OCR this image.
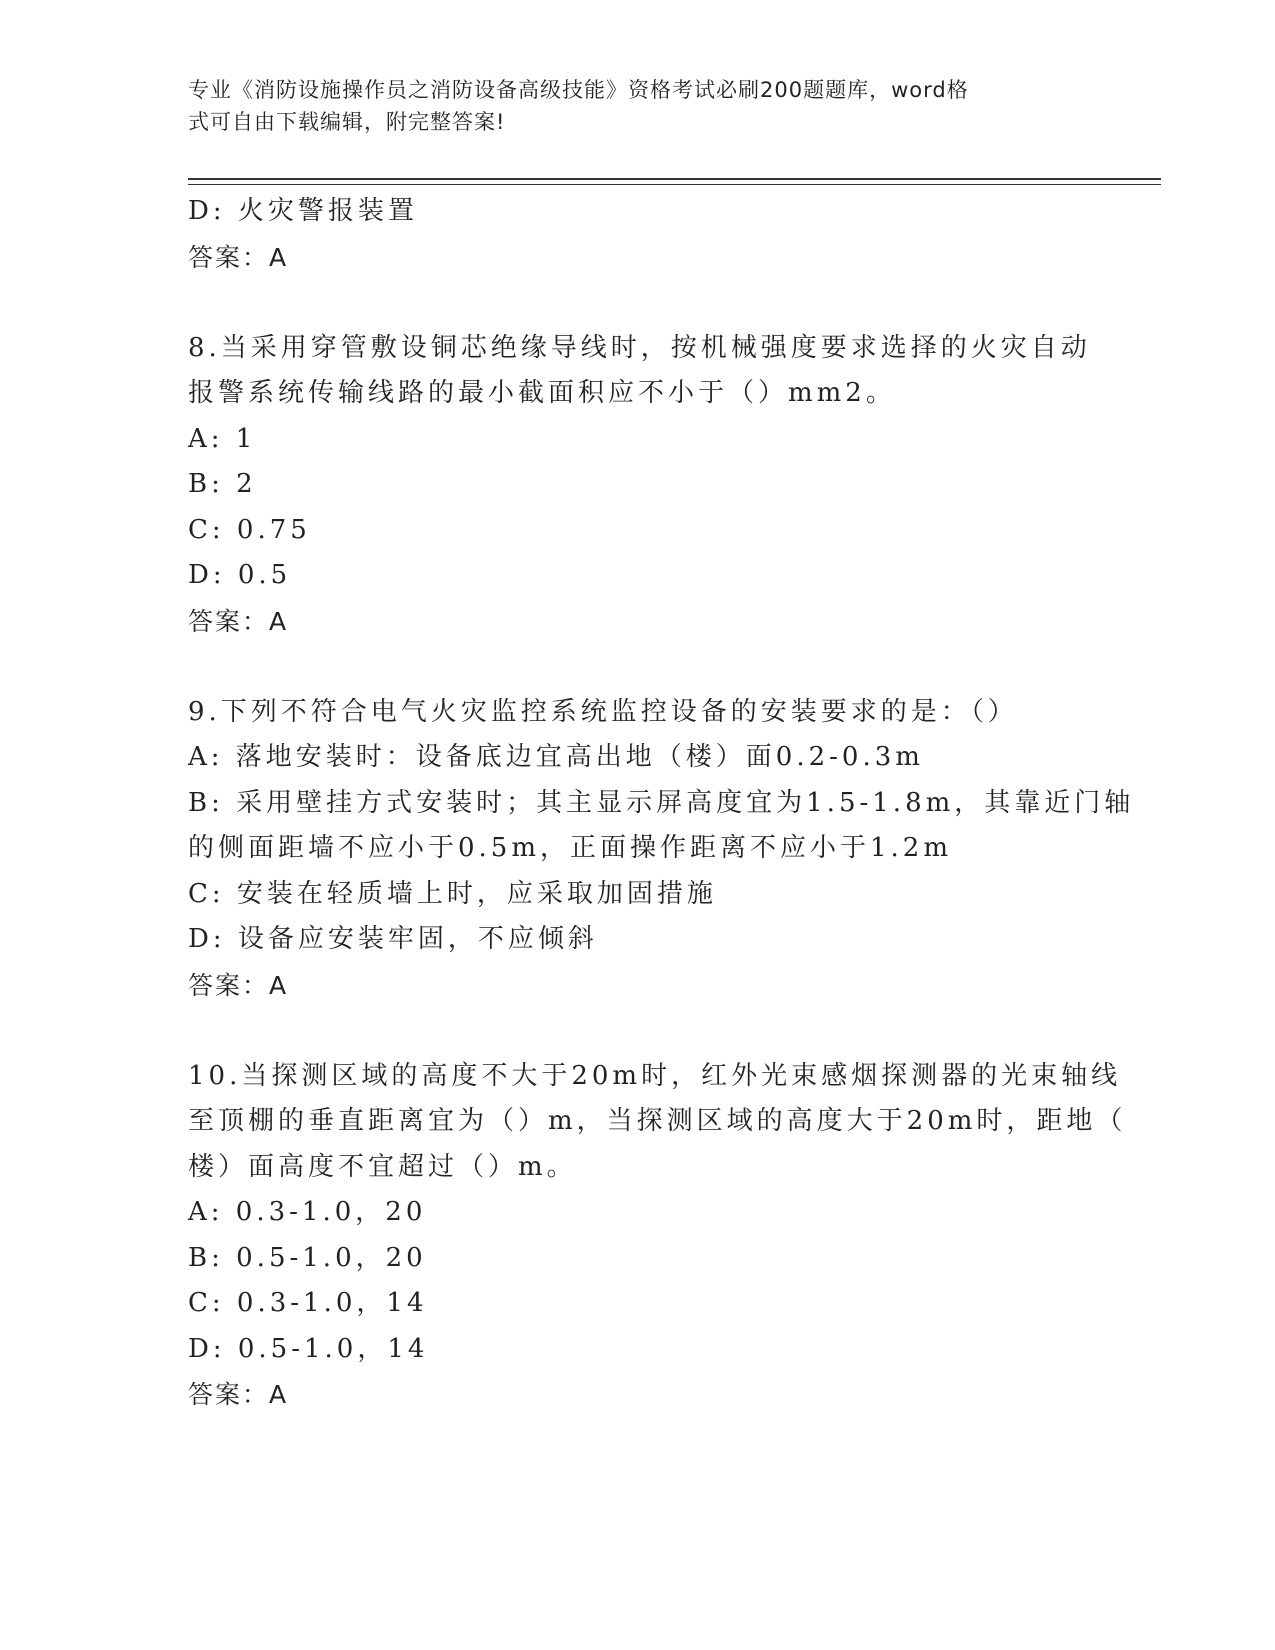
专业《消防设施操作员之消防设备高级技能》资格考试必刷200题题库，word格
式可自由下载编辑，附完整答案!
D: 火灾警报装置
答案：A
8.当采用穿管敷设铜芯绝缘导线时，按机械强度要求选择的火灾自动
报警系统传输线路的最小截面积应不小于（）mm2。
A: 1
B: 2
C: 0.75
D: 0.5
答案：A
9.下列不符合电气火灾监控系统监控设备的安装要求的是：（）
A: 落地安装时：设备底边宜高出地（楼）面0.2-0.3m
B: 采用壁挂方式安装时；其主显示屏高度宜为1.5-1.8m，其靠近门轴
的侧面距墙不应小于0.5m，正面操作距离不应小于1.2m
C: 安装在轻质墙上时，应采取加固措施
D: 设备应安装牢固，不应倾斜
答案：A
10.当探测区域的高度不大于20m时，红外光束感烟探测器的光束轴线
至顶棚的垂直距离宜为（）m，当探测区域的高度大于20m时，距地（
楼）面高度不宜超过（）m。
A: 0.3-1.0，20
B: 0.5-1.0，20
C: 0.3-1.0，14
D: 0.5-1.0，14
答案：A
